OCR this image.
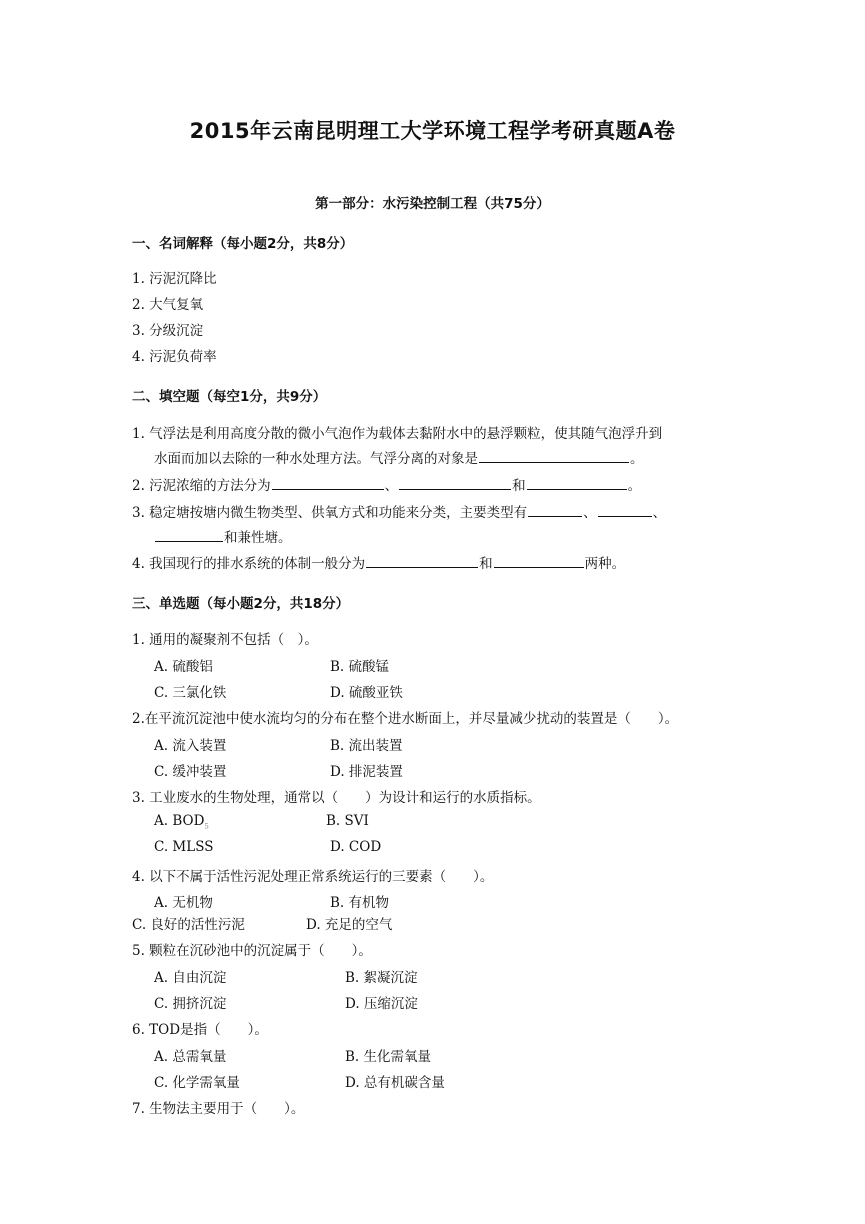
2015年云南昆明理工大学环境工程学考研真题A卷
第一部分：水污染控制工程（共75分）
一、名词解释（每小题2分，共8分）
1. 污泥沉降比
2. 大气复氧
3. 分级沉淀
4. 污泥负荷率
二、填空题（每空1分，共9分）
1. 气浮法是利用高度分散的微小气泡作为载体去黏附水中的悬浮颗粒，使其随气泡浮升到
水面而加以去除的一种水处理方法。气浮分离的对象是	。
2. 污泥浓缩的方法分为	、	和	。
3. 稳定塘按塘内微生物类型、供氧方式和功能来分类，主要类型有	、	、
和兼性塘。
4. 我国现行的排水系统的体制一般分为	和	两种。
三、单选题（每小题2分，共18分）
1. 通用的凝聚剂不包括（　）。
A. 硫酸铝	B. 硫酸锰
C. 三氯化铁	D. 硫酸亚铁
2.在平流沉淀池中使水流均匀的分布在整个进水断面上，并尽量减少扰动的装置是（　　）。
A. 流入装置	B. 流出装置
C. 缓冲装置	D. 排泥装置
3. 工业废水的生物处理，通常以（　　）为设计和运行的水质指标。
A. $BOD_5$	B. SVI
C. MLSS	D. COD
4. 以下不属于活性污泥处理正常系统运行的三要素（　　）。
A. 无机物	B. 有机物
C. 良好的活性污泥	D. 充足的空气
5. 颗粒在沉砂池中的沉淀属于（　　）。
A. 自由沉淀	B. 絮凝沉淀
C. 拥挤沉淀	D. 压缩沉淀
6. TOD是指（　　）。
A. 总需氧量	B. 生化需氧量
C. 化学需氧量	D. 总有机碳含量
7. 生物法主要用于（　　）。
